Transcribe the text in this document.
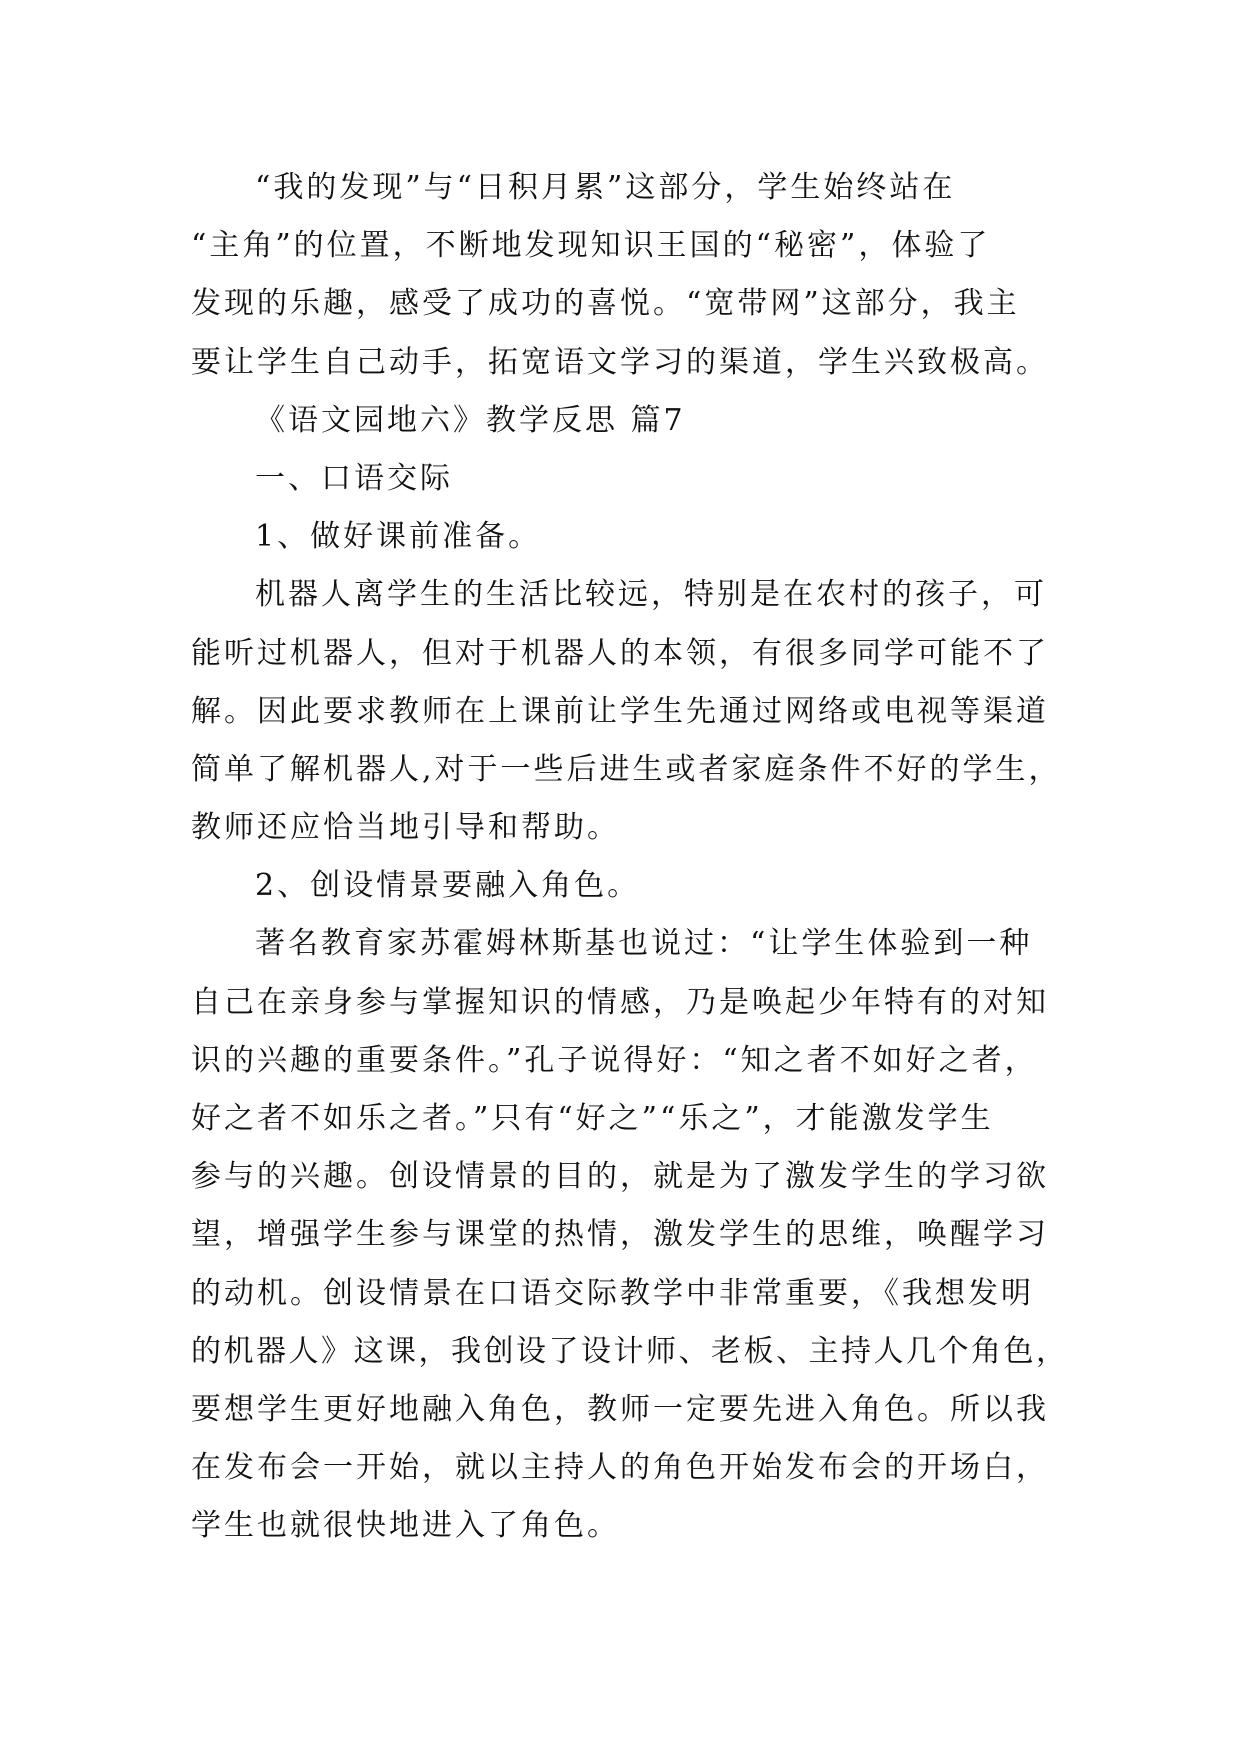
“我的发现”与“日积月累”这部分，学生始终站在
“主角”的位置，不断地发现知识王国的“秘密”，体验了
发现的乐趣，感受了成功的喜悦。“宽带网”这部分，我主
要让学生自己动手，拓宽语文学习的渠道，学生兴致极高。
《语文园地六》教学反思 篇7
一、口语交际
1、做好课前准备。
机器人离学生的生活比较远，特别是在农村的孩子，可
能听过机器人，但对于机器人的本领，有很多同学可能不了
解。因此要求教师在上课前让学生先通过网络或电视等渠道
简单了解机器人,对于一些后进生或者家庭条件不好的学生，
教师还应恰当地引导和帮助。
2、创设情景要融入角色。
著名教育家苏霍姆林斯基也说过：“让学生体验到一种
自己在亲身参与掌握知识的情感，乃是唤起少年特有的对知
识的兴趣的重要条件。”孔子说得好：“知之者不如好之者，
好之者不如乐之者。”只有“好之”“乐之”，才能激发学生
参与的兴趣。创设情景的目的，就是为了激发学生的学习欲
望，增强学生参与课堂的热情，激发学生的思维，唤醒学习
的动机。创设情景在口语交际教学中非常重要，《我想发明
的机器人》这课，我创设了设计师、老板、主持人几个角色，
要想学生更好地融入角色，教师一定要先进入角色。所以我
在发布会一开始，就以主持人的角色开始发布会的开场白，
学生也就很快地进入了角色。
